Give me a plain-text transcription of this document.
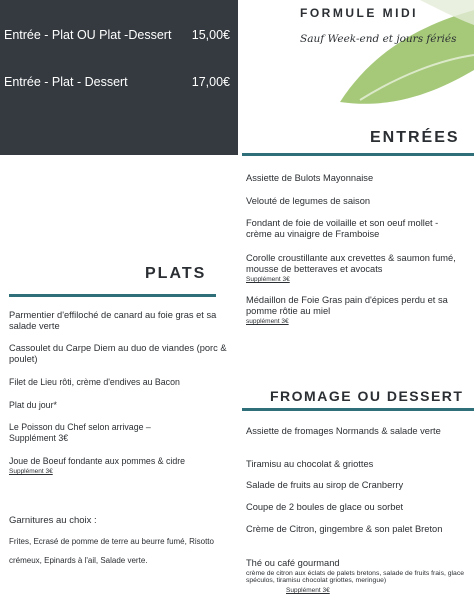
Entrée - Plat OU Plat -Dessert 15,00€
Entrée - Plat - Dessert	17,00€
FORMULE MIDI
Sauf Week-end et jours fériés
ENTRÉES
Assiette de Bulots Mayonnaise
Velouté de legumes de saison
Fondant de foie de voilaille et son oeuf mollet - crème au vinaigre de Framboise
Corolle croustillante aux crevettes & saumon fumé, mousse de betteraves et avocats
Supplément 3€
Médaillon de Foie Gras pain d'épices perdu et sa pomme rôtie au miel
supplément 3€
PLATS
Parmentier d'effiloché de canard au foie gras et sa salade verte
Cassoulet du Carpe Diem au duo de viandes (porc & poulet)
Filet de Lieu rôti, crème d'endives au Bacon
Plat du jour*
Le Poisson du Chef selon arrivage – Supplément 3€
Joue de Boeuf fondante aux pommes & cidre
Supplément 3€
Garnitures au choix :
Frites, Ecrasé de pomme de terre au beurre fumé, Risotto crémeux, Epinards à l'ail, Salade verte.
FROMAGE OU DESSERT
Assiette de fromages Normands & salade verte
Tiramisu au chocolat & griottes
Salade de fruits au sirop de Cranberry
Coupe de 2 boules de glace ou sorbet
Crème de Citron, gingembre & son palet Breton
Thé ou café gourmand
crème de citron aux éclats de palets bretons, salade de fruits frais, glace spéculos, tiramisu chocolat griottes, meringue)
Supplément 3€
